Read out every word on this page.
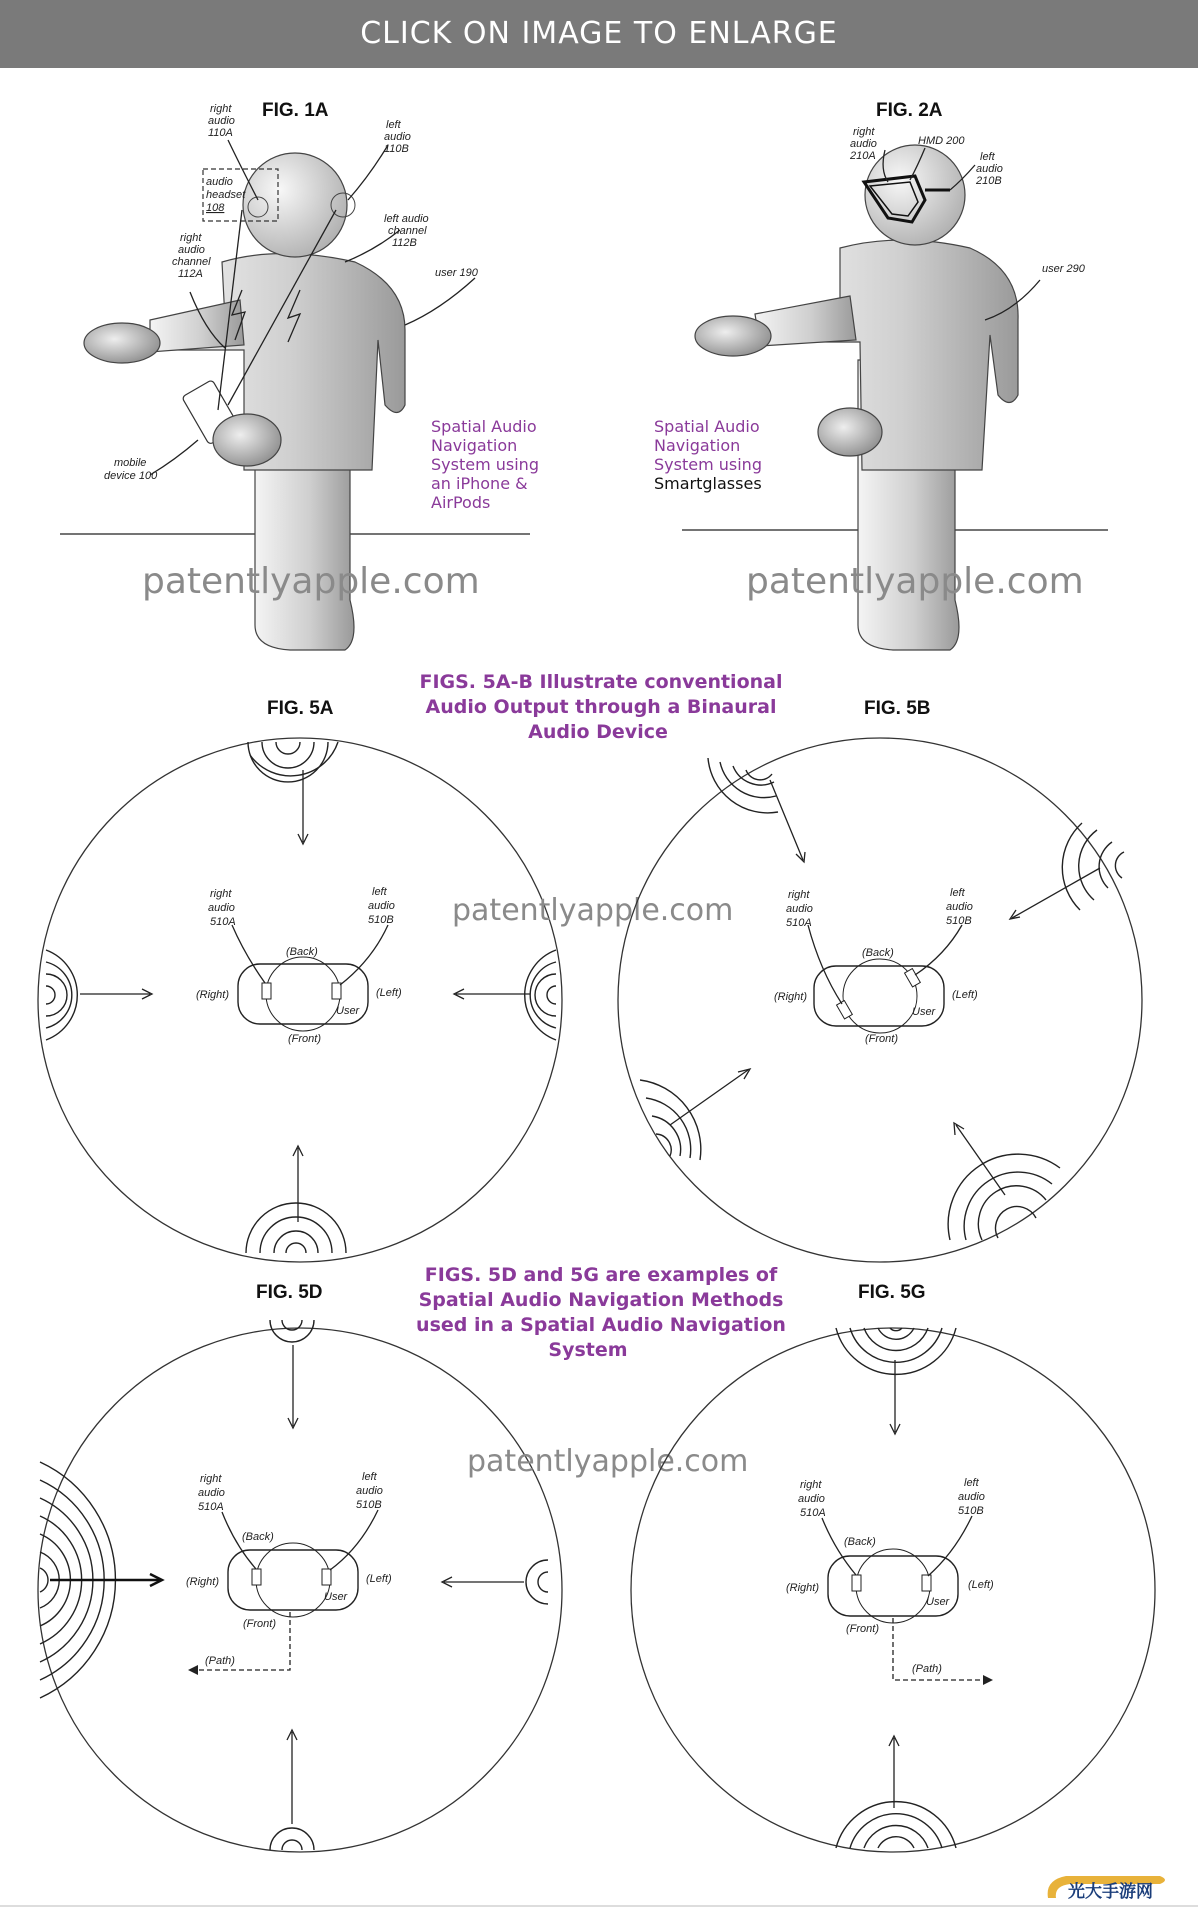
CLICK ON IMAGE TO ENLARGE
FIG. 1A
right
audio
110A
left
audio
110B
audio
headset
108
left audio
channel
112B
right
audio
channel
112A	user 190
mobile
device 100
Spatial Audio
Navigation
System using
an iPhone &
AirPods
patentlyapple.com
FIG. 2A
right
audio
210A
HMD 200
left
audio
210B
user 290
Spatial Audio
Navigation
System using
Smartglasses
patentlyapple.com
FIGS. 5A-B Illustrate conventional
Audio Output through a Binaural
Audio Device
FIG. 5A
right
audio
510A
left
audio
510B
(Back)
(Front)
(Right)	(Left)
User
patentlyapple.com
FIG. 5B
right
audio
510A
left
audio
510B
(Back)
(Front)
(Right)	(Left)
User
FIGS. 5D and 5G are examples of
Spatial Audio Navigation Methods
used in a Spatial Audio Navigation
System
FIG. 5D
right
audio
510A
left
audio
510B
(Back)
(Front)
(Right)	(Left)
User
(Path)
patentlyapple.com
FIG. 5G
right
audio
510A
left
audio
510B
(Back)
(Front)
(Right)	(Left)
User
(Path)
光大手游网
